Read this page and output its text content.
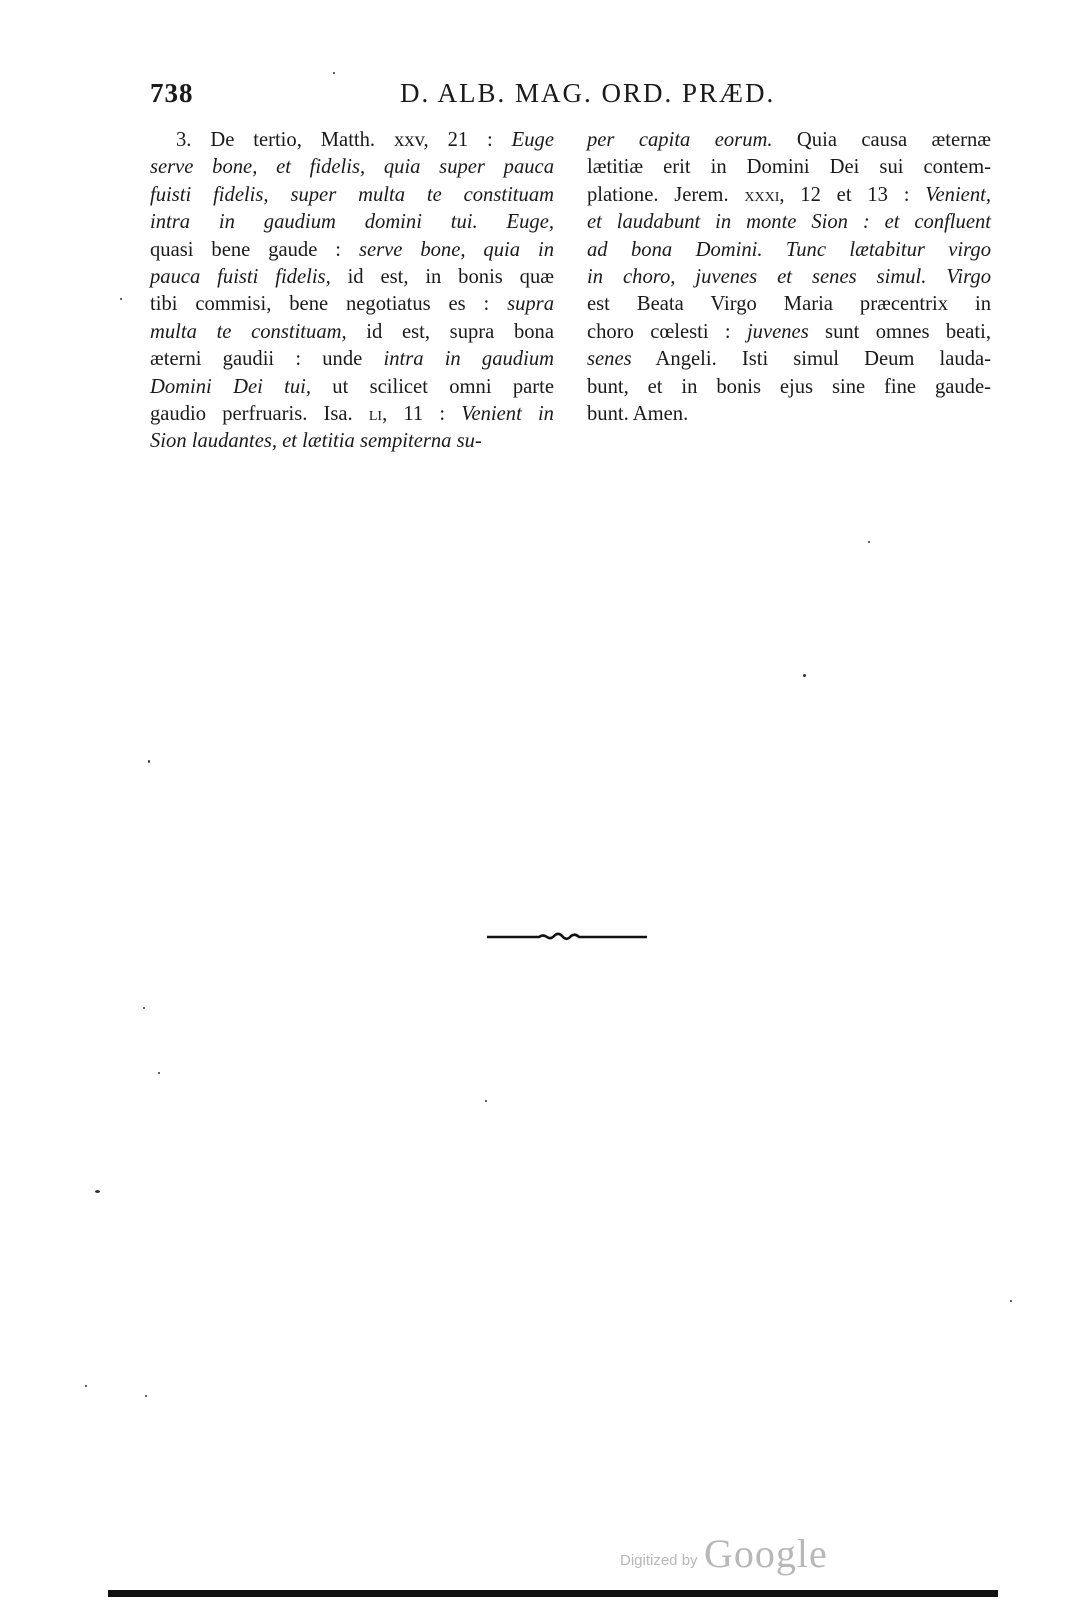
738	D. ALB. MAG. ORD. PRÆD.
3. De tertio, Matth. xxv, 21 : Euge
serve bone, et fidelis, quia super pauca
fuisti fidelis, super multa te constituam
intra in gaudium domini tui. Euge,
quasi bene gaude : serve bone, quia in
pauca fuisti fidelis, id est, in bonis quæ
tibi commisi, bene negotiatus es : supra
multa te constituam, id est, supra bona
æterni gaudii : unde intra in gaudium
Domini Dei tui, ut scilicet omni parte
gaudio perfruaris. Isa. li, 11 : Venient in
Sion laudantes, et lætitia sempiterna su-
per capita eorum. Quia causa æternæ
lætitiæ erit in Domini Dei sui contem-
platione. Jerem. xxxi, 12 et 13 : Venient,
et laudabunt in monte Sion : et confluent
ad bona Domini. Tunc lætabitur virgo
in choro, juvenes et senes simul. Virgo
est Beata Virgo Maria præcentrix in
choro cœlesti : juvenes sunt omnes beati,
senes Angeli. Isti simul Deum lauda-
bunt, et in bonis ejus sine fine gaude-
bunt. Amen.
Digitized by Google
